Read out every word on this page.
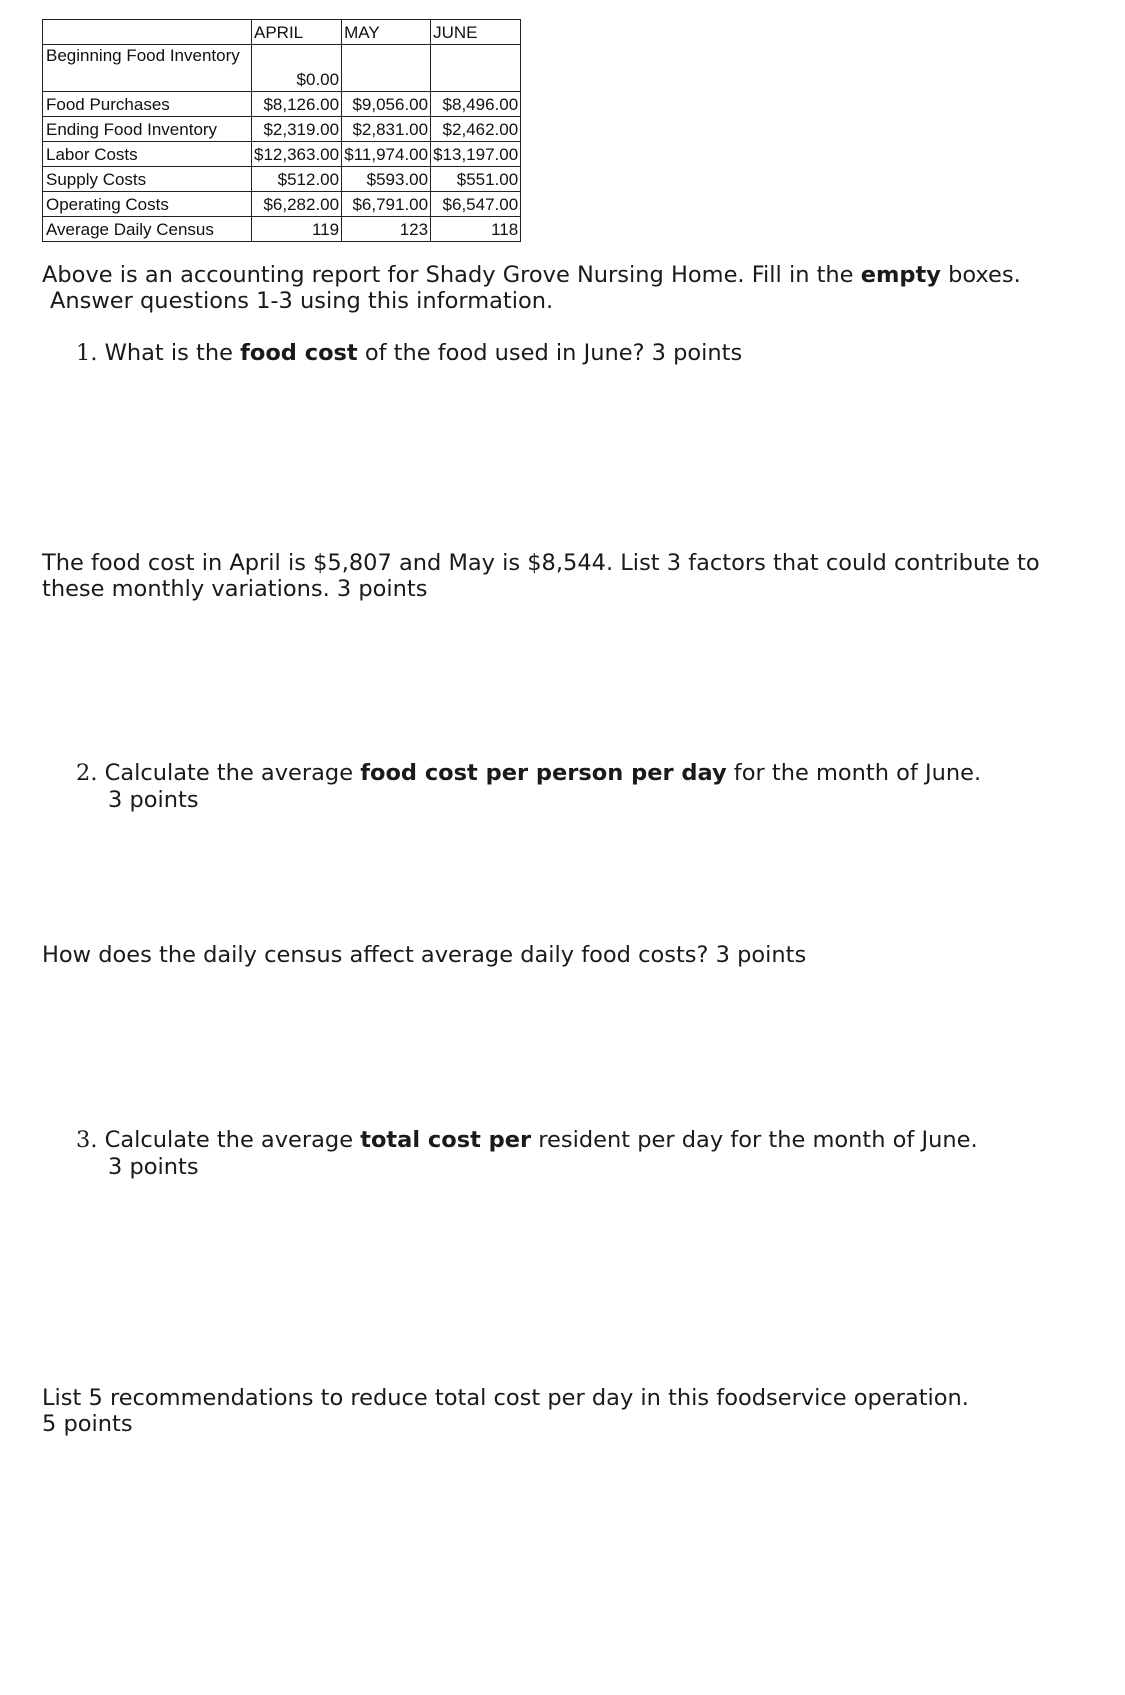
	APRIL	MAY	JUNE
Beginning Food Inventory	$0.00		
Food Purchases	$8,126.00	$9,056.00	$8,496.00
Ending Food Inventory	$2,319.00	$2,831.00	$2,462.00
Labor Costs	$12,363.00	$11,974.00	$13,197.00
Supply Costs	$512.00	$593.00	$551.00
Operating Costs	$6,282.00	$6,791.00	$6,547.00
Average Daily Census	119	123	118

Above is an accounting report for Shady Grove Nursing Home. Fill in the empty boxes.

Answer questions 1-3 using this information.

1. What is the food cost of the food used in June? 3 points

The food cost in April is $5,807 and May is $8,544. List 3 factors that could contribute to

these monthly variations. 3 points

2. Calculate the average food cost per person per day for the month of June.

3 points

How does the daily census affect average daily food costs? 3 points

3. Calculate the average total cost per resident per day for the month of June.

3 points

List 5 recommendations to reduce total cost per day in this foodservice operation.

5 points
